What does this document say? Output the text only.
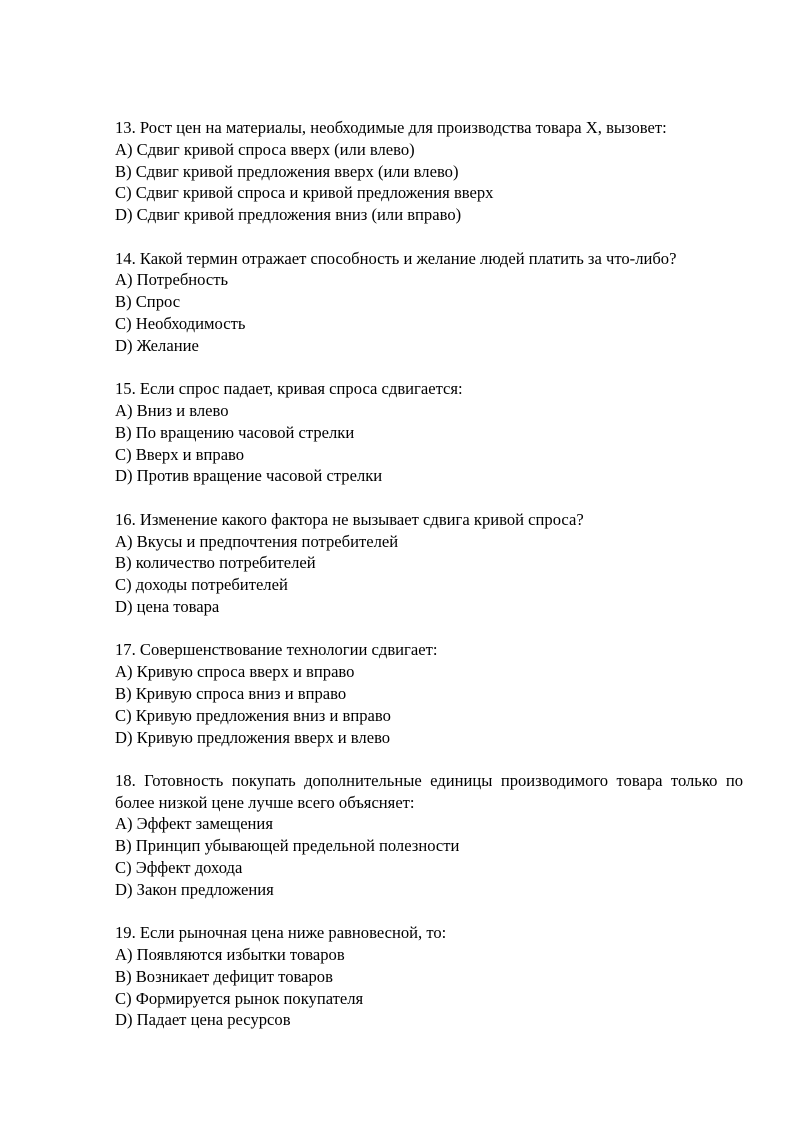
13. Рост цен на материалы, необходимые для производства товара X, вызовет:

A) Сдвиг кривой спроса вверх (или влево)

B) Сдвиг кривой предложения вверх (или влево)

C) Сдвиг кривой спроса и кривой предложения вверх

D) Сдвиг кривой предложения вниз (или вправо)

14. Какой термин отражает способность и желание людей платить за что-либо?

A) Потребность

B) Спрос

C) Необходимость

D) Желание

15. Если спрос падает, кривая спроса сдвигается:

A) Вниз и влево

B) По вращению часовой стрелки

C) Вверх и вправо

D) Против вращение часовой стрелки

16. Изменение какого фактора не вызывает сдвига кривой спроса?

A) Вкусы и предпочтения потребителей

B) количество потребителей

C) доходы потребителей

D) цена товара

17. Совершенствование технологии сдвигает:

A) Кривую спроса вверх и вправо

B) Кривую спроса вниз и вправо

C) Кривую предложения вниз и вправо

D) Кривую предложения вверх и влево

18. Готовность покупать дополнительные единицы производимого товара только по более низкой цене лучше всего объясняет:

A) Эффект замещения

B) Принцип убывающей предельной полезности

C) Эффект дохода

D) Закон предложения

19. Если рыночная цена ниже равновесной, то:

A) Появляются избытки товаров

B) Возникает дефицит товаров

C) Формируется рынок покупателя

D) Падает цена ресурсов
